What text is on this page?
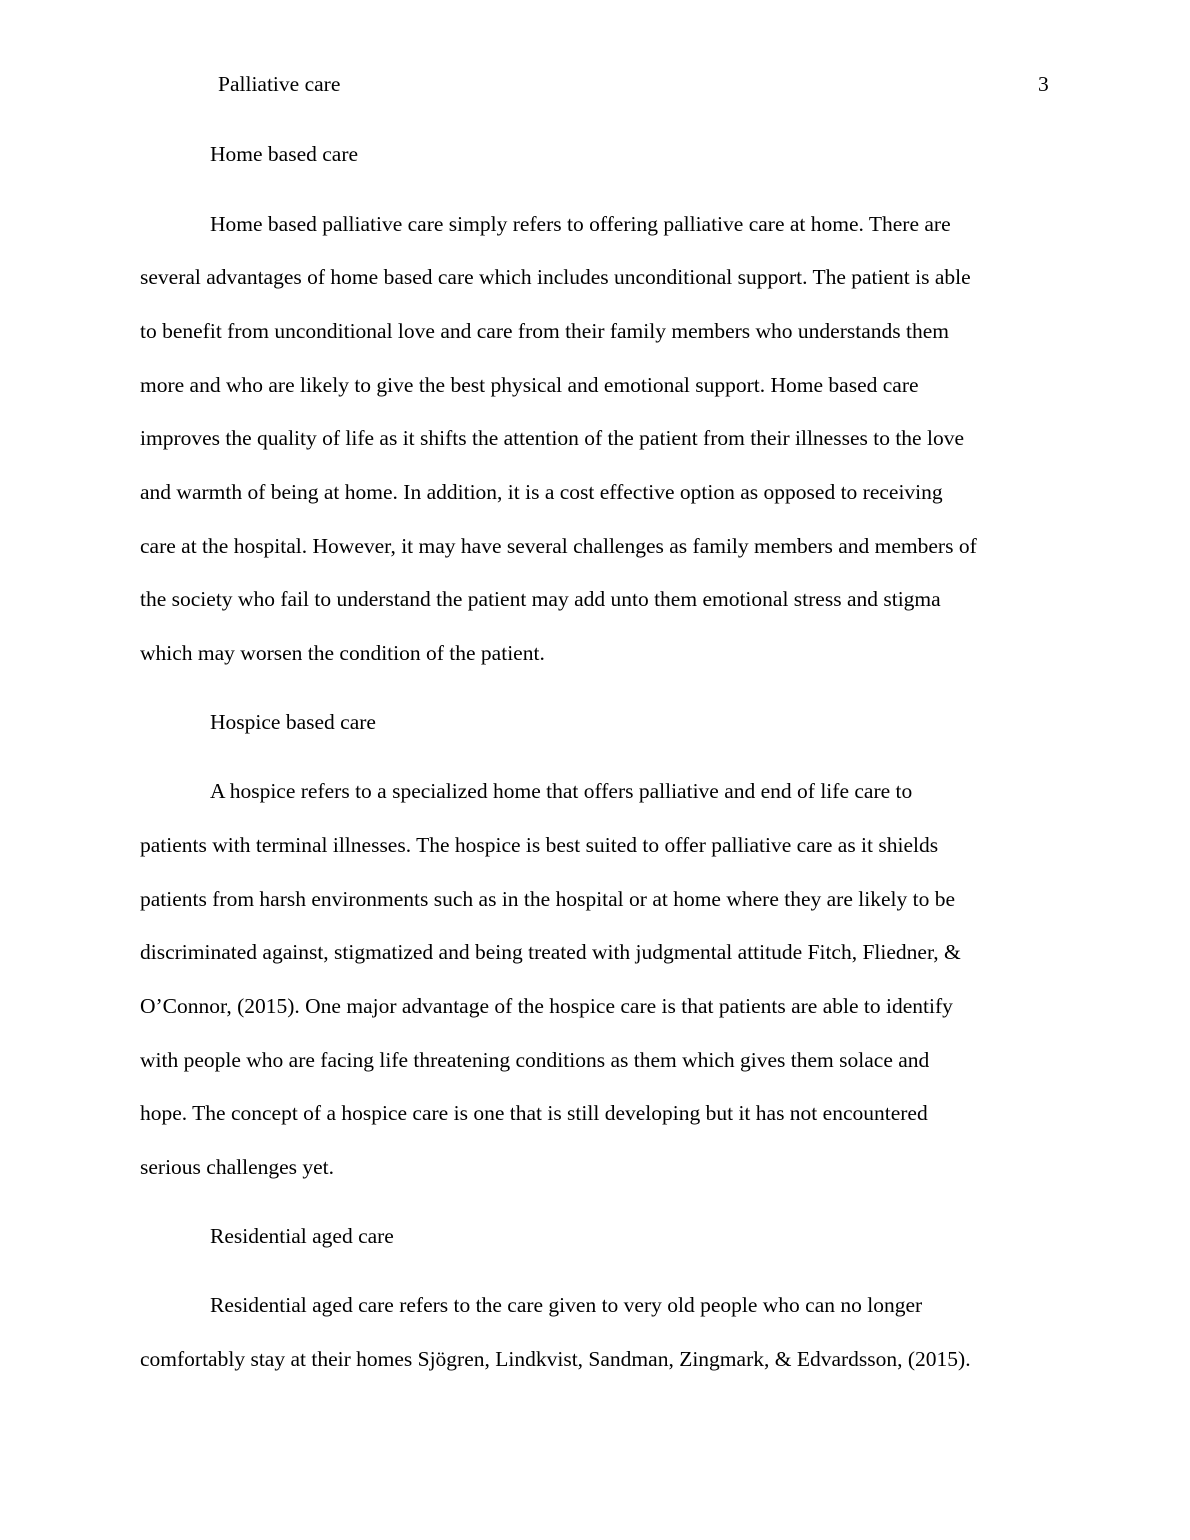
Palliative care	3
Home based care
Home based palliative care simply refers to offering palliative care at home. There are
several advantages of home based care which includes unconditional support. The patient is able
to benefit from unconditional love and care from their family members who understands them
more and who are likely to give the best physical and emotional support. Home based care
improves the quality of life as it shifts the attention of the patient from their illnesses to the love
and warmth of being at home. In addition, it is a cost effective option as opposed to receiving
care at the hospital. However, it may have several challenges as family members and members of
the society who fail to understand the patient may add unto them emotional stress and stigma
which may worsen the condition of the patient.
Hospice based care
A hospice refers to a specialized home that offers palliative and end of life care to
patients with terminal illnesses. The hospice is best suited to offer palliative care as it shields
patients from harsh environments such as in the hospital or at home where they are likely to be
discriminated against, stigmatized and being treated with judgmental attitude Fitch, Fliedner, &
O’Connor, (2015). One major advantage of the hospice care is that patients are able to identify
with people who are facing life threatening conditions as them which gives them solace and
hope. The concept of a hospice care is one that is still developing but it has not encountered
serious challenges yet.
Residential aged care
Residential aged care refers to the care given to very old people who can no longer
comfortably stay at their homes Sjögren, Lindkvist, Sandman, Zingmark, & Edvardsson, (2015).
